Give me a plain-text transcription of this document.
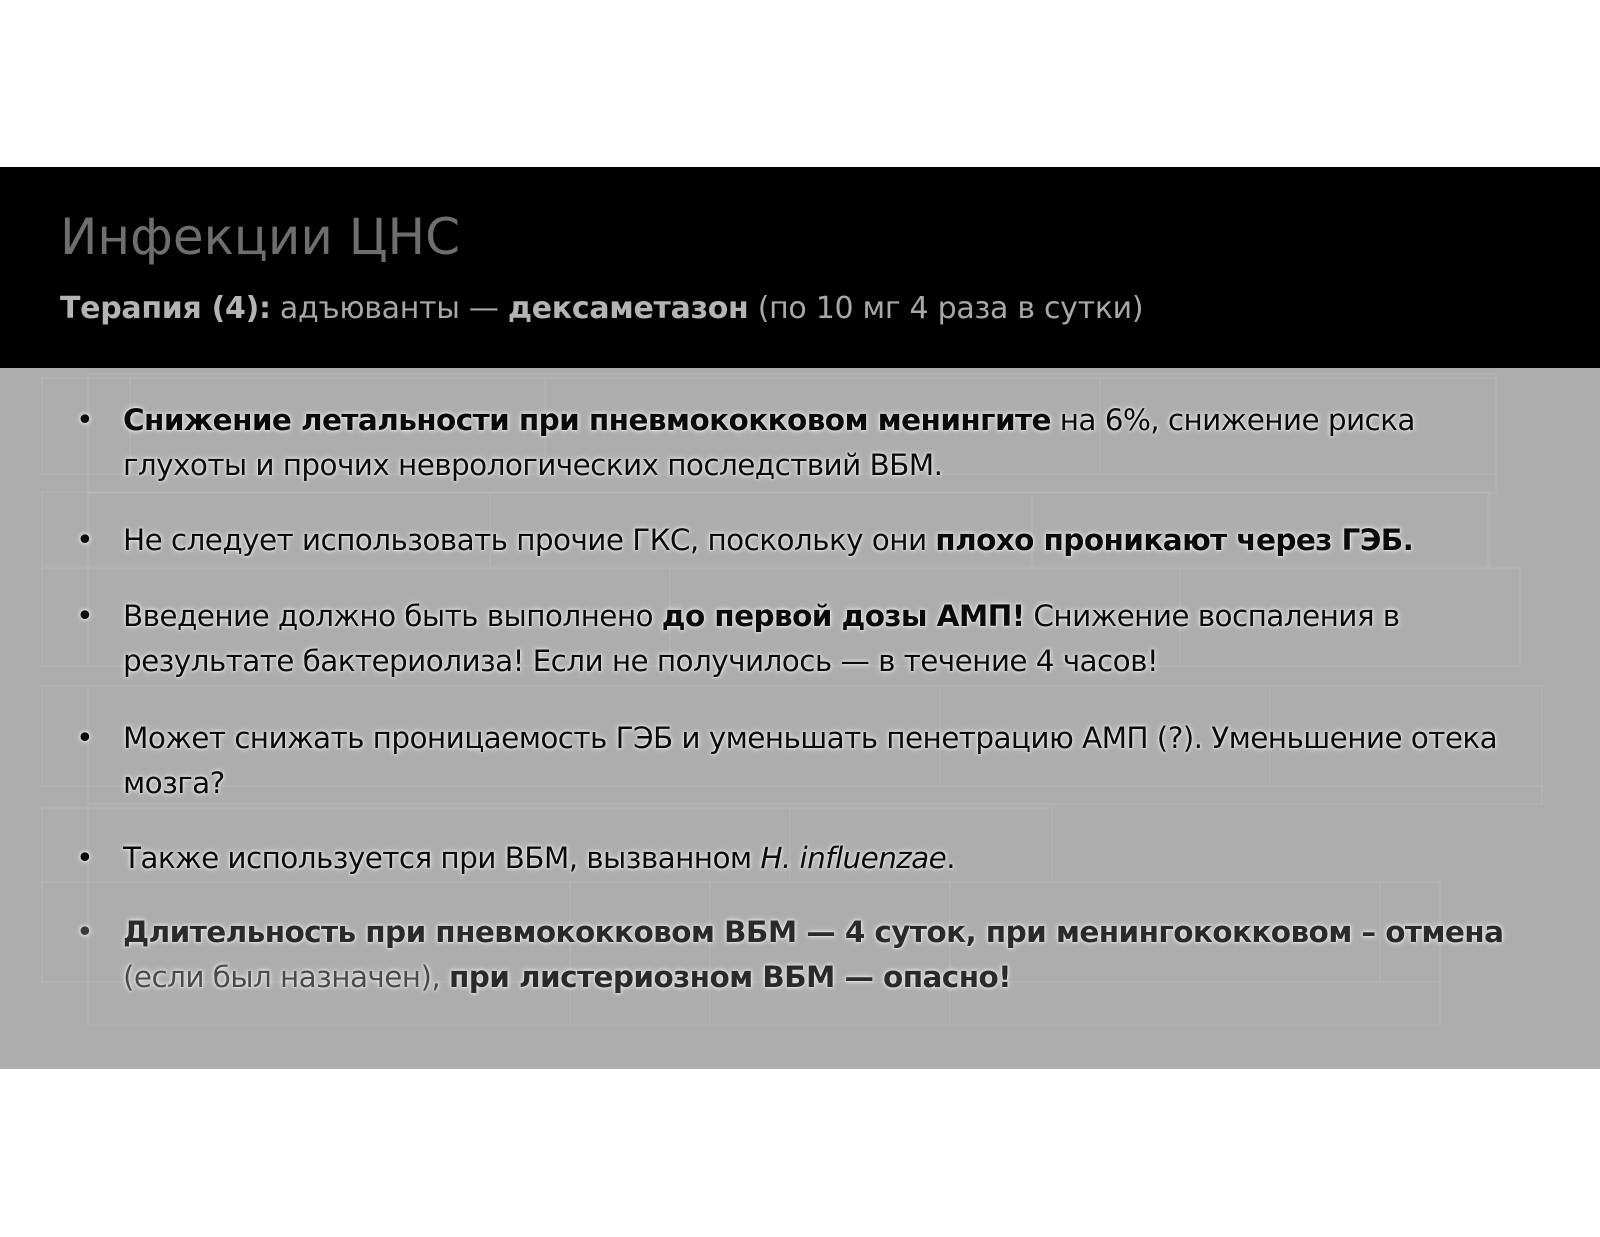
Инфекции ЦНС

Терапия (4): адъюванты — дексаметазон (по 10 мг 4 раза в сутки)

•	Снижение летальности при пневмококковом менингите на 6%, снижение риска глухоты и прочих неврологических последствий ВБМ.
•	Не следует использовать прочие ГКС, поскольку они плохо проникают через ГЭБ.
•	Введение должно быть выполнено до первой дозы АМП! Снижение воспаления в результате бактериолиза! Если не получилось — в течение 4 часов!
•	Может снижать проницаемость ГЭБ и уменьшать пенетрацию АМП (?). Уменьшение отека мозга?
•	Также используется при ВБМ, вызванном H. influenzae.
•	Длительность при пневмококковом ВБМ — 4 суток, при менингококковом – отмена (если был назначен), при листериозном ВБМ — опасно!
